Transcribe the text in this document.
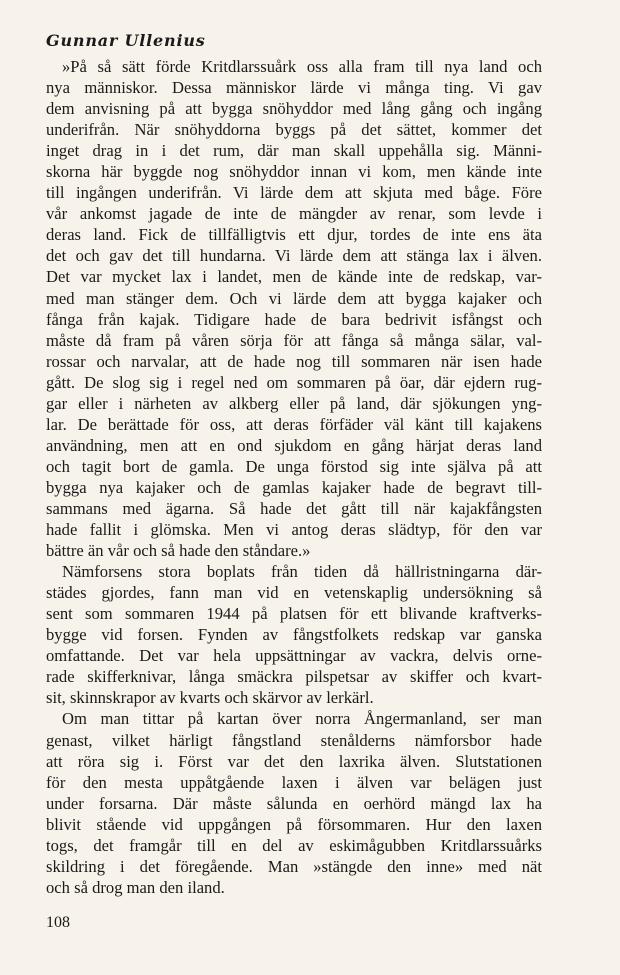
Gunnar Ullenius
»På så sätt förde Kritdlarssuårk oss alla fram till nya land och
nya människor. Dessa människor lärde vi många ting. Vi gav
dem anvisning på att bygga snöhyddor med lång gång och ingång
underifrån. När snöhyddorna byggs på det sättet, kommer det
inget drag in i det rum, där man skall uppehålla sig. Männi-
skorna här byggde nog snöhyddor innan vi kom, men kände inte
till ingången underifrån. Vi lärde dem att skjuta med båge. Före
vår ankomst jagade de inte de mängder av renar, som levde i
deras land. Fick de tillfälligtvis ett djur, tordes de inte ens äta
det och gav det till hundarna. Vi lärde dem att stänga lax i älven.
Det var mycket lax i landet, men de kände inte de redskap, var-
med man stänger dem. Och vi lärde dem att bygga kajaker och
fånga från kajak. Tidigare hade de bara bedrivit isfångst och
måste då fram på våren sörja för att fånga så många sälar, val-
rossar och narvalar, att de hade nog till sommaren när isen hade
gått. De slog sig i regel ned om sommaren på öar, där ejdern rug-
gar eller i närheten av alkberg eller på land, där sjökungen yng-
lar. De berättade för oss, att deras förfäder väl känt till kajakens
användning, men att en ond sjukdom en gång härjat deras land
och tagit bort de gamla. De unga förstod sig inte själva på att
bygga nya kajaker och de gamlas kajaker hade de begravt till-
sammans med ägarna. Så hade det gått till när kajakfångsten
hade fallit i glömska. Men vi antog deras slädtyp, för den var
bättre än vår och så hade den ståndare.»
Nämforsens stora boplats från tiden då hällristningarna där-
städes gjordes, fann man vid en vetenskaplig undersökning så
sent som sommaren 1944 på platsen för ett blivande kraftverks-
bygge vid forsen. Fynden av fångstfolkets redskap var ganska
omfattande. Det var hela uppsättningar av vackra, delvis orne-
rade skifferknivar, långa smäckra pilspetsar av skiffer och kvart-
sit, skinnskrapor av kvarts och skärvor av lerkärl.
Om man tittar på kartan över norra Ångermanland, ser man
genast, vilket härligt fångstland stenålderns nämforsbor hade
att röra sig i. Först var det den laxrika älven. Slutstationen
för den mesta uppåtgående laxen i älven var belägen just
under forsarna. Där måste sålunda en oerhörd mängd lax ha
blivit stående vid uppgången på försommaren. Hur den laxen
togs, det framgår till en del av eskimågubben Kritdlarssuårks
skildring i det föregående. Man »stängde den inne» med nät
och så drog man den iland.
108
